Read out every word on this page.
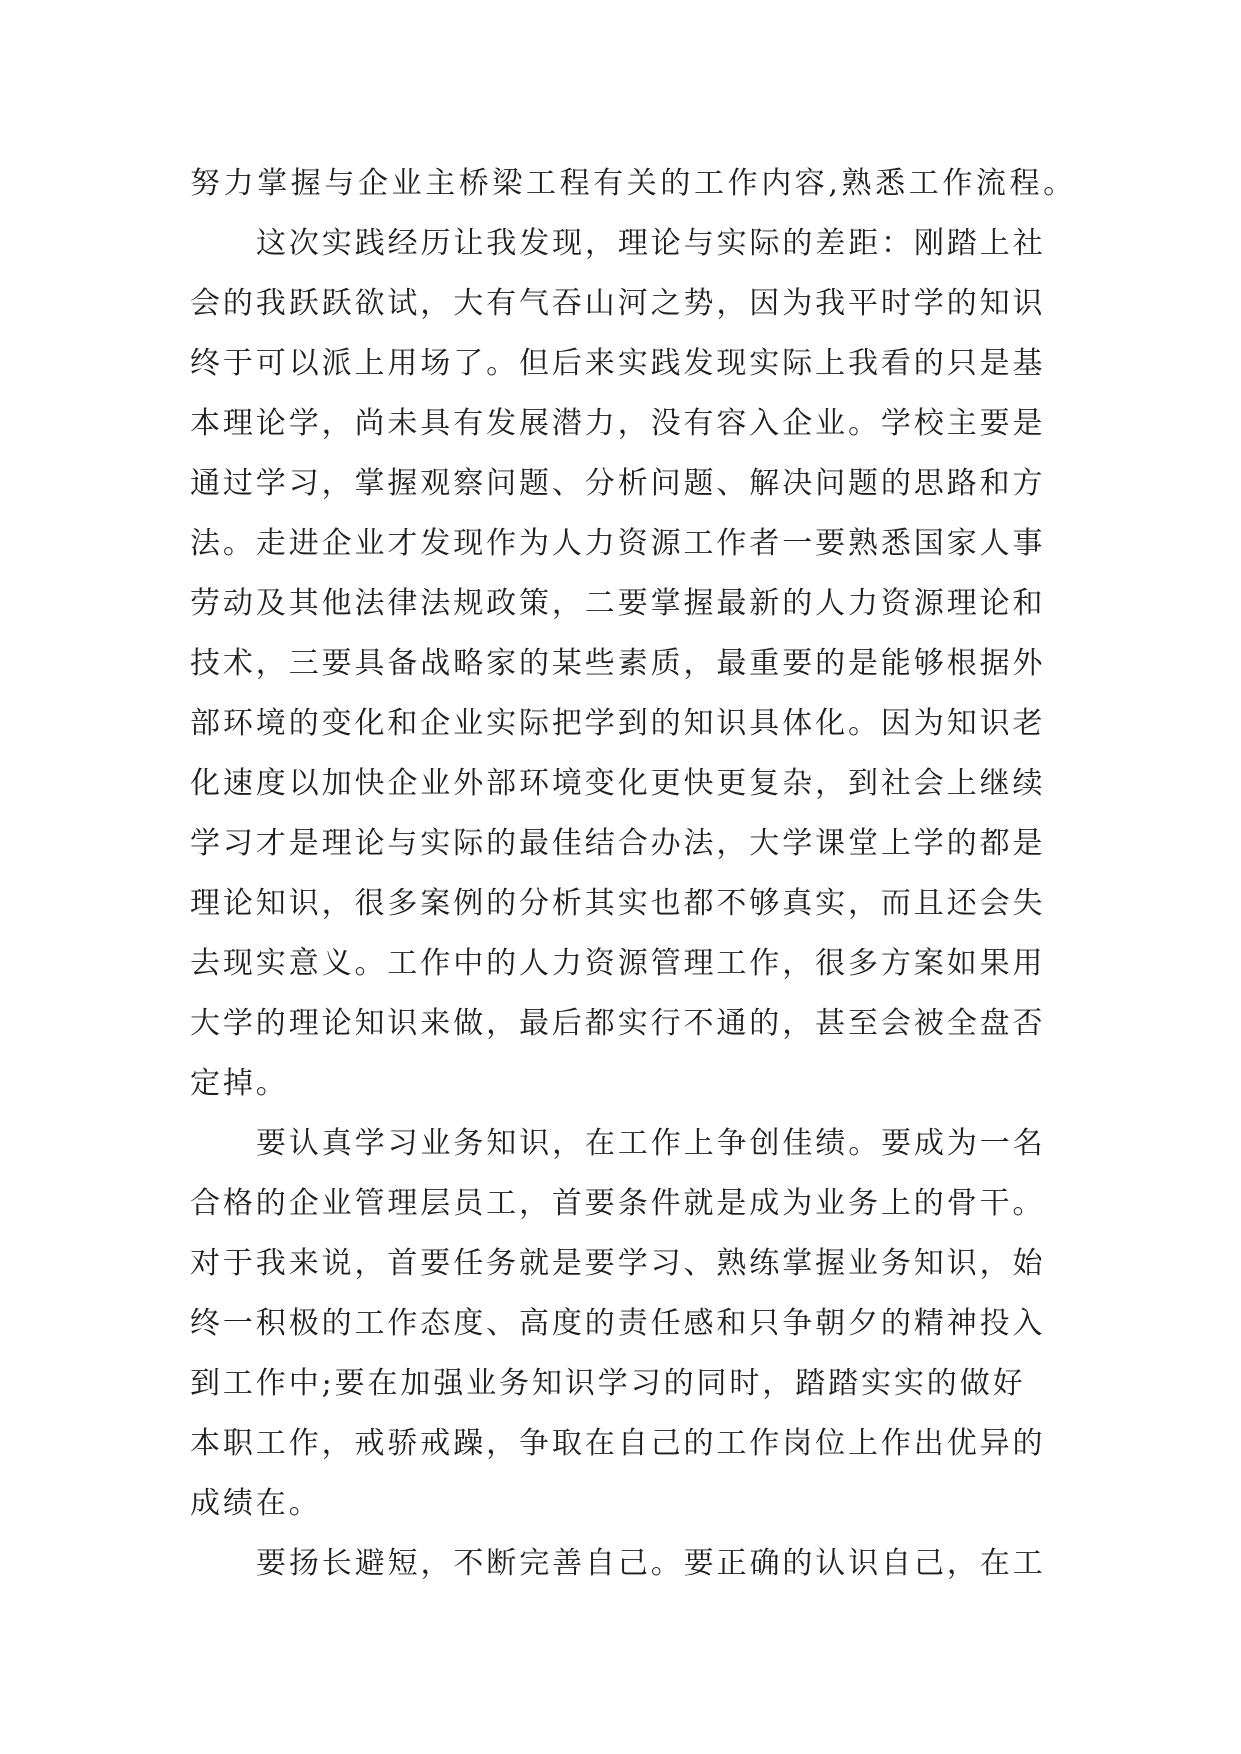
努力掌握与企业主桥梁工程有关的工作内容,熟悉工作流程。
这次实践经历让我发现，理论与实际的差距：刚踏上社
会的我跃跃欲试，大有气吞山河之势，因为我平时学的知识
终于可以派上用场了。但后来实践发现实际上我看的只是基
本理论学，尚未具有发展潜力，没有容入企业。学校主要是
通过学习，掌握观察问题、分析问题、解决问题的思路和方
法。走进企业才发现作为人力资源工作者一要熟悉国家人事
劳动及其他法律法规政策，二要掌握最新的人力资源理论和
技术，三要具备战略家的某些素质，最重要的是能够根据外
部环境的变化和企业实际把学到的知识具体化。因为知识老
化速度以加快企业外部环境变化更快更复杂，到社会上继续
学习才是理论与实际的最佳结合办法，大学课堂上学的都是
理论知识，很多案例的分析其实也都不够真实，而且还会失
去现实意义。工作中的人力资源管理工作，很多方案如果用
大学的理论知识来做，最后都实行不通的，甚至会被全盘否
定掉。
要认真学习业务知识，在工作上争创佳绩。要成为一名
合格的企业管理层员工，首要条件就是成为业务上的骨干。
对于我来说，首要任务就是要学习、熟练掌握业务知识，始
终一积极的工作态度、高度的责任感和只争朝夕的精神投入
到工作中;要在加强业务知识学习的同时，踏踏实实的做好
本职工作，戒骄戒躁，争取在自己的工作岗位上作出优异的
成绩在。
要扬长避短，不断完善自己。要正确的认识自己，在工
